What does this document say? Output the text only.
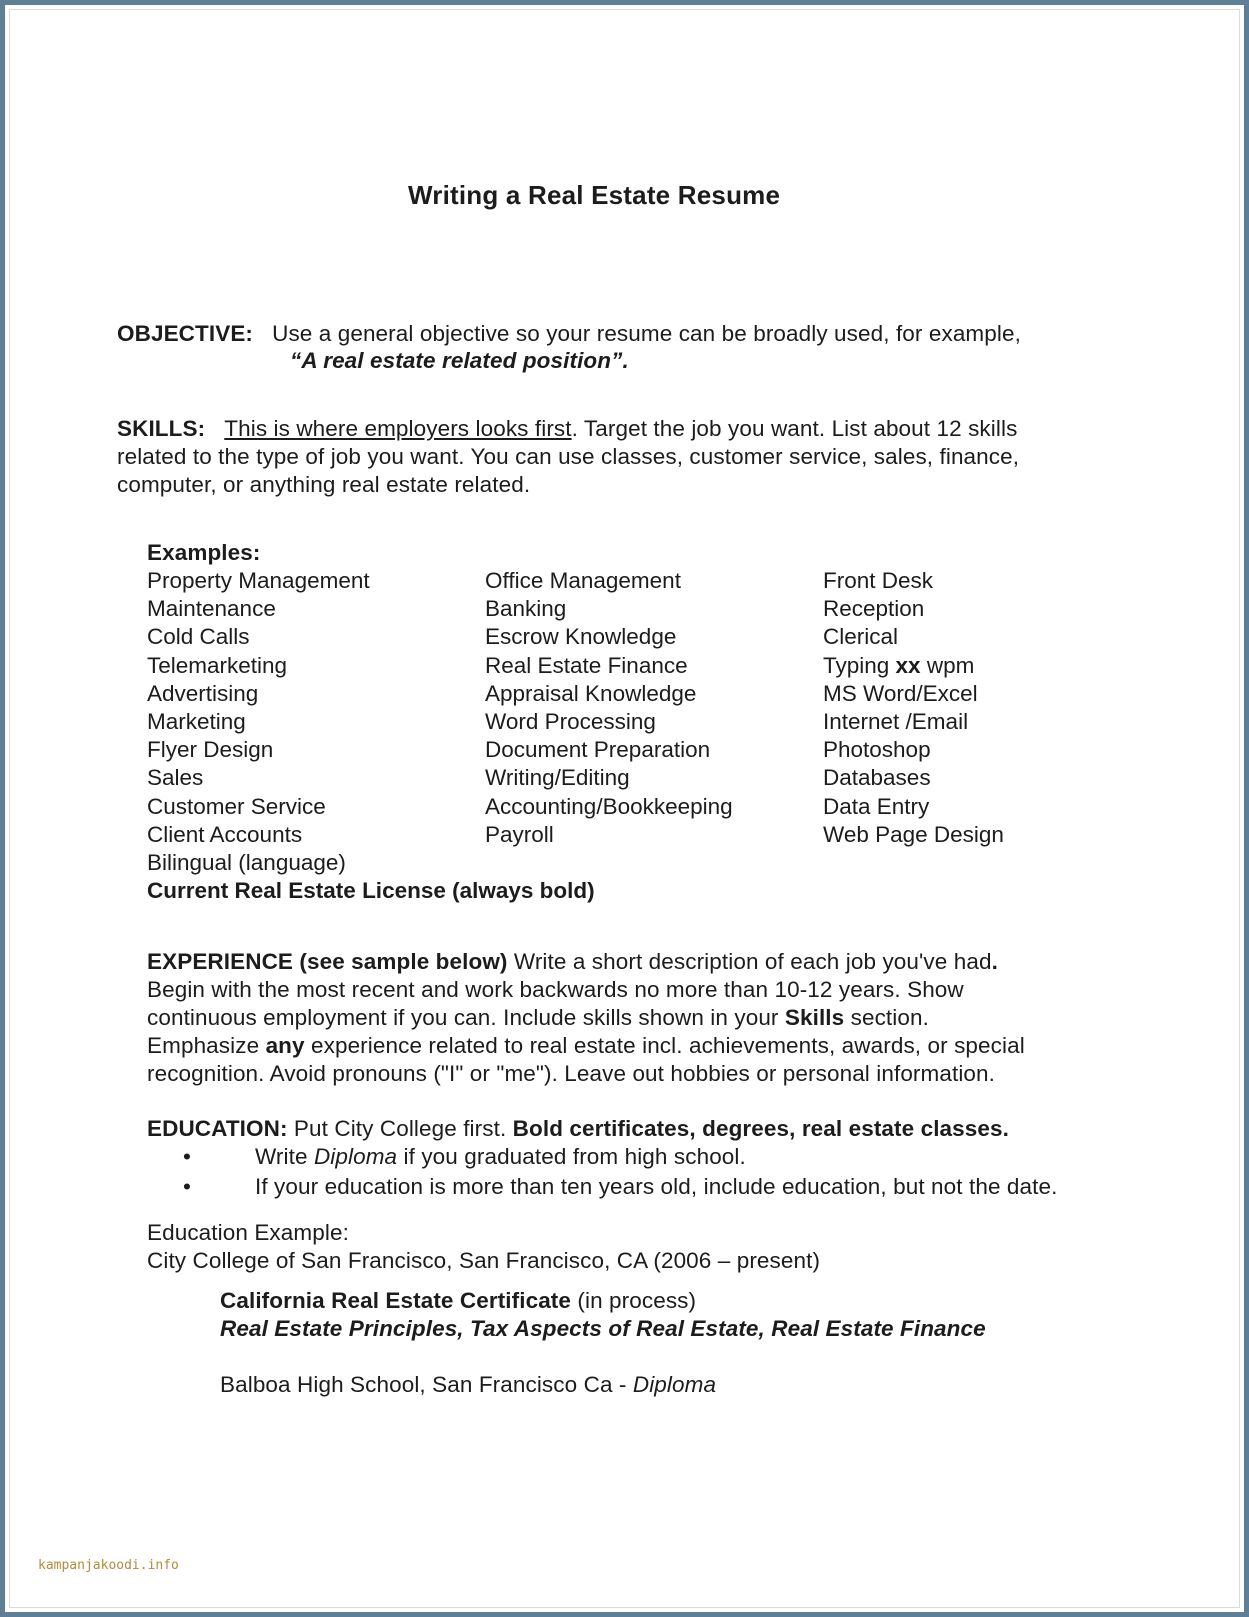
Writing a Real Estate Resume
OBJECTIVE: Use a general objective so your resume can be broadly used, for example,
“A real estate related position”.
SKILLS: This is where employers looks first. Target the job you want. List about 12 skills
related to the type of job you want. You can use classes, customer service, sales, finance,
computer, or anything real estate related.
Examples:
Property Management
Maintenance
Cold Calls
Telemarketing
Advertising
Marketing
Flyer Design
Sales
Customer Service
Client Accounts
Bilingual (language)
Current Real Estate License (always bold)
Office Management
Banking
Escrow Knowledge
Real Estate Finance
Appraisal Knowledge
Word Processing
Document Preparation
Writing/Editing
Accounting/Bookkeeping
Payroll
Front Desk
Reception
Clerical
Typing xx wpm
MS Word/Excel
Internet /Email
Photoshop
Databases
Data Entry
Web Page Design
EXPERIENCE (see sample below) Write a short description of each job you've had.
Begin with the most recent and work backwards no more than 10-12 years. Show
continuous employment if you can. Include skills shown in your Skills section.
Emphasize any experience related to real estate incl. achievements, awards, or special
recognition. Avoid pronouns ("I" or "me"). Leave out hobbies or personal information.
EDUCATION: Put City College first. Bold certificates, degrees, real estate classes.
•	Write Diploma if you graduated from high school.
•	If your education is more than ten years old, include education, but not the date.
Education Example:
City College of San Francisco, San Francisco, CA (2006 – present)
California Real Estate Certificate (in process)
Real Estate Principles, Tax Aspects of Real Estate, Real Estate Finance
Balboa High School, San Francisco Ca - Diploma
kampanjakoodi.info
